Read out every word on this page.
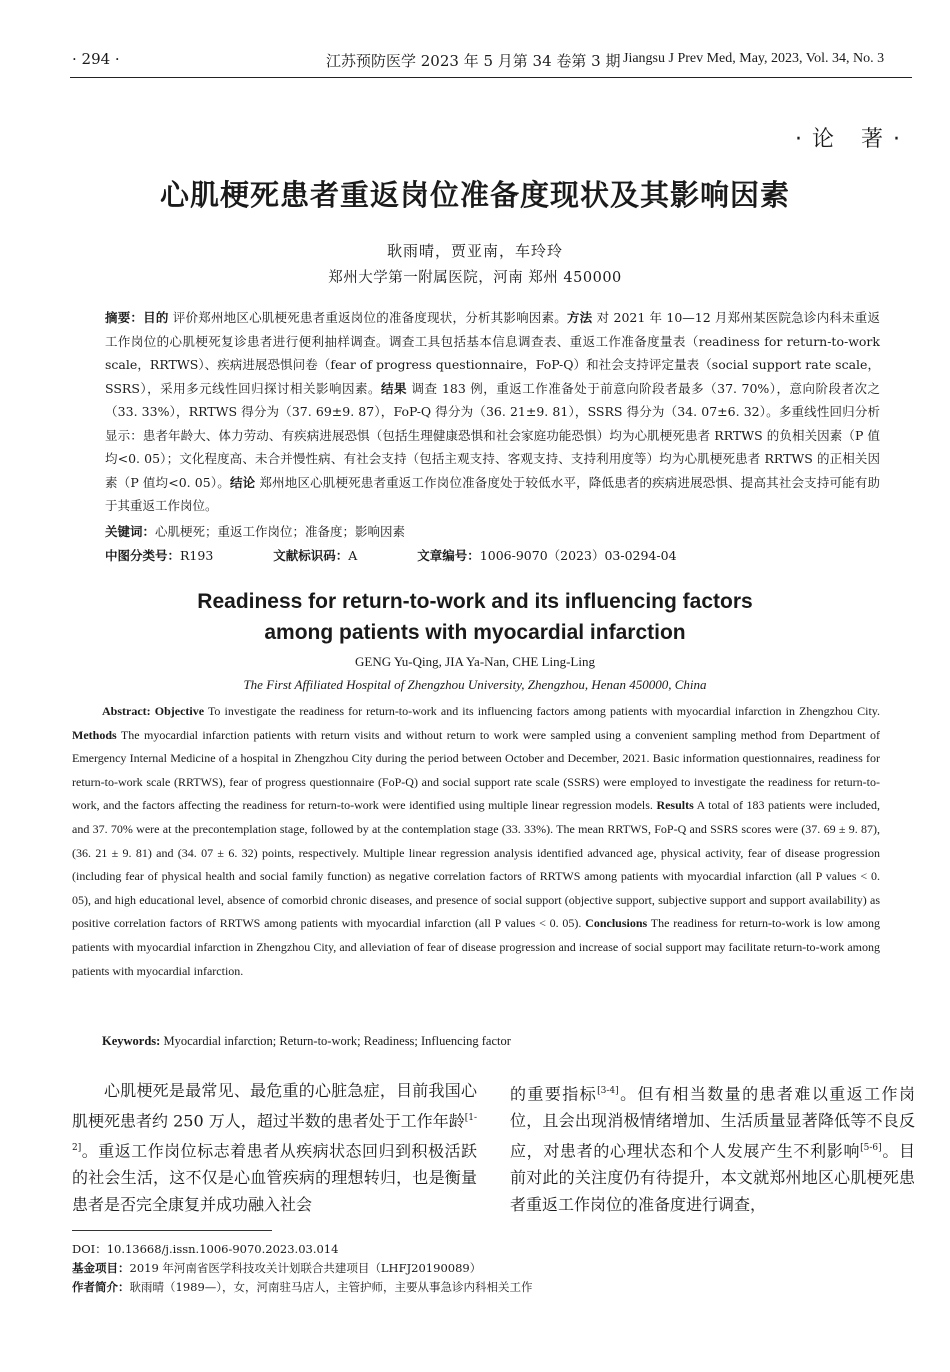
· 294 ·	江苏预防医学 2023 年 5 月第 34 卷第 3 期 Jiangsu J Prev Med, May, 2023, Vol. 34, No. 3
·论 著·
心肌梗死患者重返岗位准备度现状及其影响因素
耿雨晴，贾亚南，车玲玲
郑州大学第一附属医院，河南 郑州 450000
摘要：目的 评价郑州地区心肌梗死患者重返岗位的准备度现状，分析其影响因素。方法 对 2021 年 10—12 月郑州某医院急诊内科未重返工作岗位的心肌梗死复诊患者进行便利抽样调查。调查工具包括基本信息调查表、重返工作准备度量表（readiness for return-to-work scale，RRTWS）、疾病进展恐惧问卷（fear of progress questionnaire，FoP-Q）和社会支持评定量表（social support rate scale，SSRS），采用多元线性回归探讨相关影响因素。结果 调查 183 例，重返工作准备处于前意向阶段者最多（37. 70%），意向阶段者次之（33. 33%），RRTWS 得分为（37. 69±9. 87），FoP-Q 得分为（36. 21±9. 81），SSRS 得分为（34. 07±6. 32）。多重线性回归分析显示：患者年龄大、体力劳动、有疾病进展恐惧（包括生理健康恐惧和社会家庭功能恐惧）均为心肌梗死患者 RRTWS 的负相关因素（P 值均<0. 05）；文化程度高、未合并慢性病、有社会支持（包括主观支持、客观支持、支持利用度等）均为心肌梗死患者 RRTWS 的正相关因素（P 值均<0. 05）。结论 郑州地区心肌梗死患者重返工作岗位准备度处于较低水平，降低患者的疾病进展恐惧、提高其社会支持可能有助于其重返工作岗位。
关键词：心肌梗死；重返工作岗位；准备度；影响因素
中图分类号：R193	文献标识码：A	文章编号：1006-9070（2023）03-0294-04
Readiness for return-to-work and its influencing factors
among patients with myocardial infarction
GENG Yu-Qing, JIA Ya-Nan, CHE Ling-Ling
The First Affiliated Hospital of Zhengzhou University, Zhengzhou, Henan 450000, China
Abstract: Objective To investigate the readiness for return-to-work and its influencing factors among patients with myocardial infarction in Zhengzhou City. Methods The myocardial infarction patients with return visits and without return to work were sampled using a convenient sampling method from Department of Emergency Internal Medicine of a hospital in Zhengzhou City during the period between October and December, 2021. Basic information questionnaires, readiness for return-to-work scale (RRTWS), fear of progress questionnaire (FoP-Q) and social support rate scale (SSRS) were employed to investigate the readiness for return-to-work, and the factors affecting the readiness for return-to-work were identified using multiple linear regression models. Results A total of 183 patients were included, and 37. 70% were at the precontemplation stage, followed by at the contemplation stage (33. 33%). The mean RRTWS, FoP-Q and SSRS scores were (37. 69 ± 9. 87), (36. 21 ± 9. 81) and (34. 07 ± 6. 32) points, respectively. Multiple linear regression analysis identified advanced age, physical activity, fear of disease progression (including fear of physical health and social family function) as negative correlation factors of RRTWS among patients with myocardial infarction (all P values < 0. 05), and high educational level, absence of comorbid chronic diseases, and presence of social support (objective support, subjective support and support availability) as positive correlation factors of RRTWS among patients with myocardial infarction (all P values < 0. 05). Conclusions The readiness for return-to-work is low among patients with myocardial infarction in Zhengzhou City, and alleviation of fear of disease progression and increase of social support may facilitate return-to-work among patients with myocardial infarction.
Keywords: Myocardial infarction; Return-to-work; Readiness; Influencing factor
心肌梗死是最常见、最危重的心脏急症，目前我国心肌梗死患者约 250 万人，超过半数的患者处于工作年龄[1-2]。重返工作岗位标志着患者从疾病状态回归到积极活跃的社会生活，这不仅是心血管疾病的理想转归，也是衡量患者是否完全康复并成功融入社会
的重要指标[3-4]。但有相当数量的患者难以重返工作岗位，且会出现消极情绪增加、生活质量显著降低等不良反应，对患者的心理状态和个人发展产生不利影响[5-6]。目前对此的关注度仍有待提升，本文就郑州地区心肌梗死患者重返工作岗位的准备度进行调查，
DOI：10.13668/j.issn.1006-9070.2023.03.014
基金项目：2019 年河南省医学科技攻关计划联合共建项目（LHFJ20190089）
作者简介：耿雨晴（1989—），女，河南驻马店人，主管护师，主要从事急诊内科相关工作
